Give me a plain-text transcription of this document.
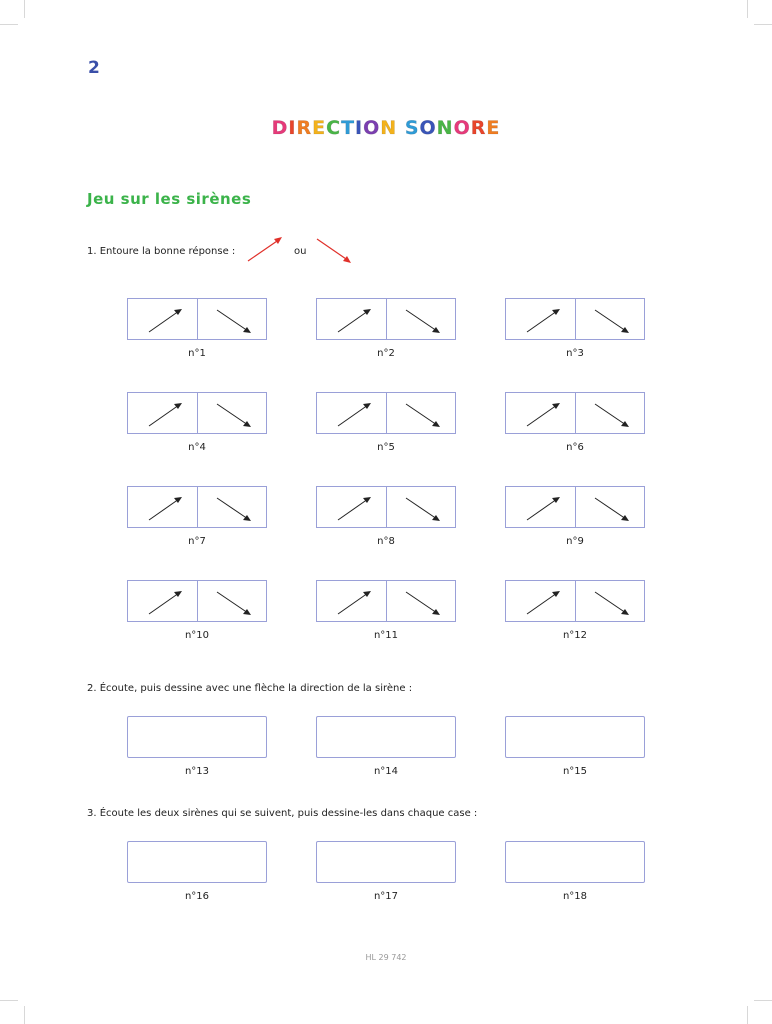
2
DIRECTION SONORE
Jeu sur les sirènes
1. Entoure la bonne réponse :	ou
2. Écoute, puis dessine avec une flèche la direction de la sirène :
3. Écoute les deux sirènes qui se suivent, puis dessine-les dans chaque case :
HL 29 742
n°1	n°2	n°3
n°4	n°5	n°6
n°7	n°8	n°9
n°10	n°11	n°12
n°13	n°14	n°15
n°16	n°17	n°18
